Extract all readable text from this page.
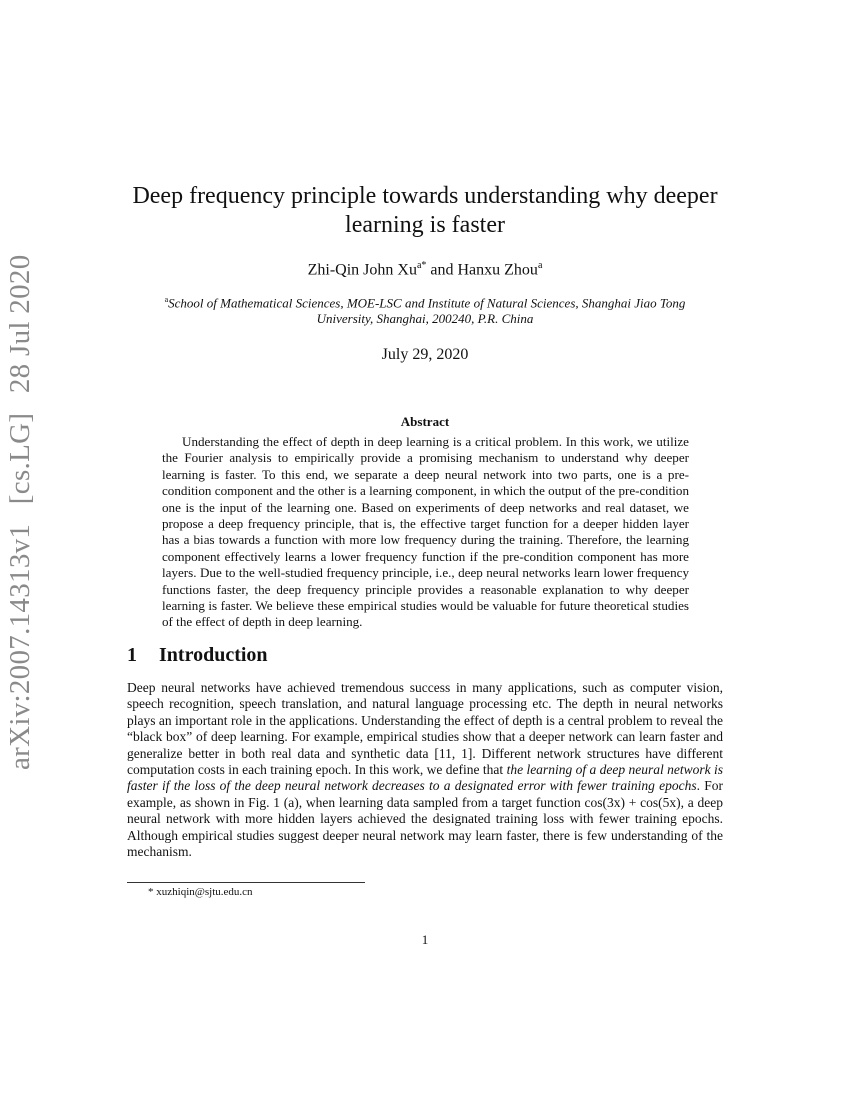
arXiv:2007.14313v1 [cs.LG] 28 Jul 2020
Deep frequency principle towards understanding why deeper learning is faster
Zhi-Qin John $Xu^{a*}$ and Hanxu Zhou$^a$
$^a$School of Mathematical Sciences, MOE-LSC and Institute of Natural Sciences, Shanghai Jiao Tong University, Shanghai, 200240, P.R. China
July 29, 2020
Abstract
Understanding the effect of depth in deep learning is a critical problem. In this work, we utilize the Fourier analysis to empirically provide a promising mechanism to understand why deeper learning is faster. To this end, we separate a deep neural network into two parts, one is a pre-condition component and the other is a learning component, in which the output of the pre-condition one is the input of the learning one. Based on experiments of deep networks and real dataset, we propose a deep frequency principle, that is, the effective target function for a deeper hidden layer has a bias towards a function with more low frequency during the training. Therefore, the learning component effectively learns a lower frequency function if the pre-condition component has more layers. Due to the well-studied frequency principle, i.e., deep neural networks learn lower frequency functions faster, the deep frequency principle provides a reasonable explanation to why deeper learning is faster. We believe these empirical studies would be valuable for future theoretical studies of the effect of depth in deep learning.
1 Introduction
Deep neural networks have achieved tremendous success in many applications, such as computer vision, speech recognition, speech translation, and natural language processing etc. The depth in neural networks plays an important role in the applications. Understanding the effect of depth is a central problem to reveal the “black box” of deep learning. For example, empirical studies show that a deeper network can learn faster and generalize better in both real data and synthetic data [11, 1]. Different network structures have different computation costs in each training epoch. In this work, we define that the learning of a deep neural network is faster if the loss of the deep neural network decreases to a designated error with fewer training epochs. For example, as shown in Fig. 1 (a), when learning data sampled from a target function cos(3x) + cos(5x), a deep neural network with more hidden layers achieved the designated training loss with fewer training epochs. Although empirical studies suggest deeper neural network may learn faster, there is few understanding of the mechanism.
* xuzhiqin@sjtu.edu.cn
1
